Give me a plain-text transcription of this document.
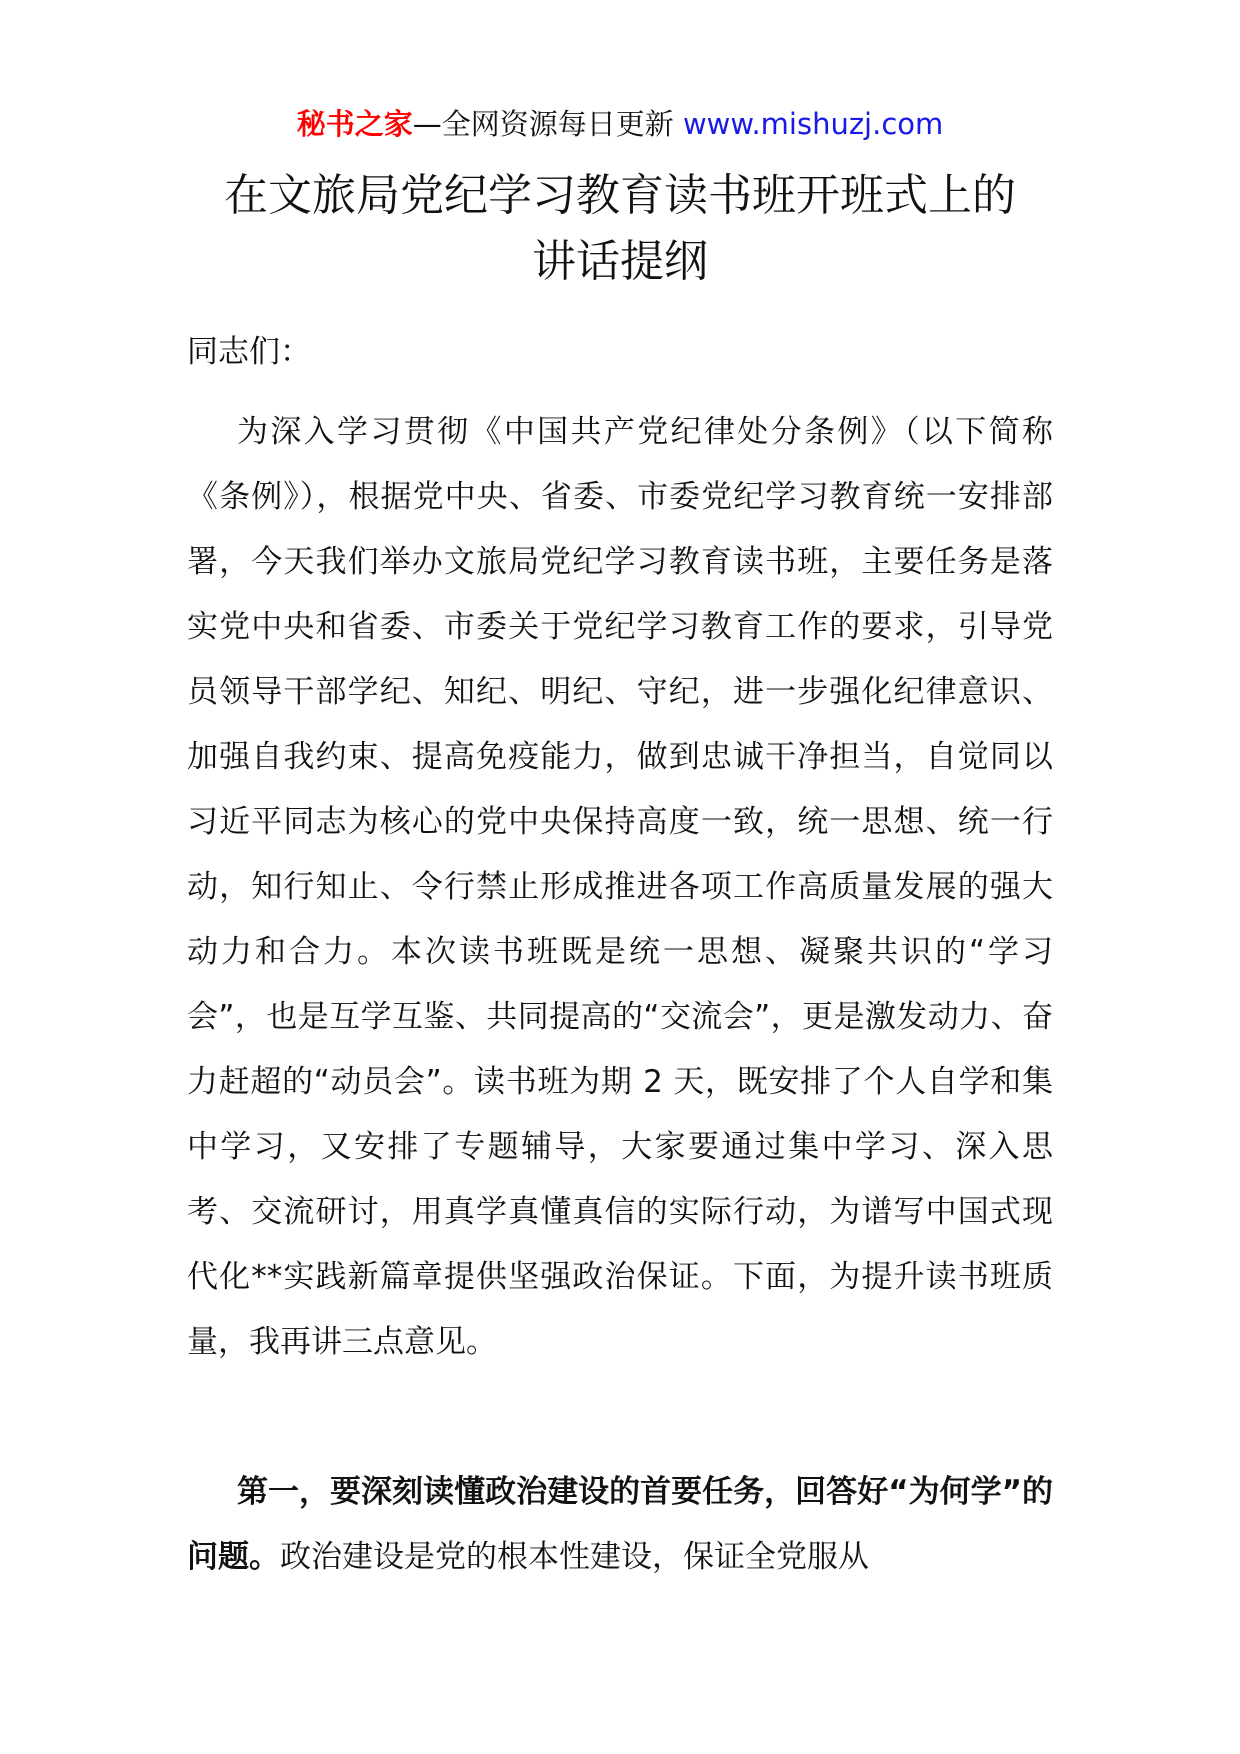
秘书之家—全网资源每日更新 www.mishuzj.com
在文旅局党纪学习教育读书班开班式上的
讲话提纲
同志们：
为深入学习贯彻《中国共产党纪律处分条例》（以下简称《条例》），根据党中央、省委、市委党纪学习教育统一安排部署，今天我们举办文旅局党纪学习教育读书班，主要任务是落实党中央和省委、市委关于党纪学习教育工作的要求，引导党员领导干部学纪、知纪、明纪、守纪，进一步强化纪律意识、加强自我约束、提高免疫能力，做到忠诚干净担当，自觉同以习近平同志为核心的党中央保持高度一致，统一思想、统一行动，知行知止、令行禁止形成推进各项工作高质量发展的强大动力和合力。本次读书班既是统一思想、凝聚共识的“学习会”，也是互学互鉴、共同提高的“交流会”，更是激发动力、奋力赶超的“动员会”。读书班为期 2 天，既安排了个人自学和集中学习，又安排了专题辅导，大家要通过集中学习、深入思考、交流研讨，用真学真懂真信的实际行动，为谱写中国式现代化**实践新篇章提供坚强政治保证。下面，为提升读书班质量，我再讲三点意见。
第一，要深刻读懂政治建设的首要任务，回答好“为何学”的问题。政治建设是党的根本性建设，保证全党服从
